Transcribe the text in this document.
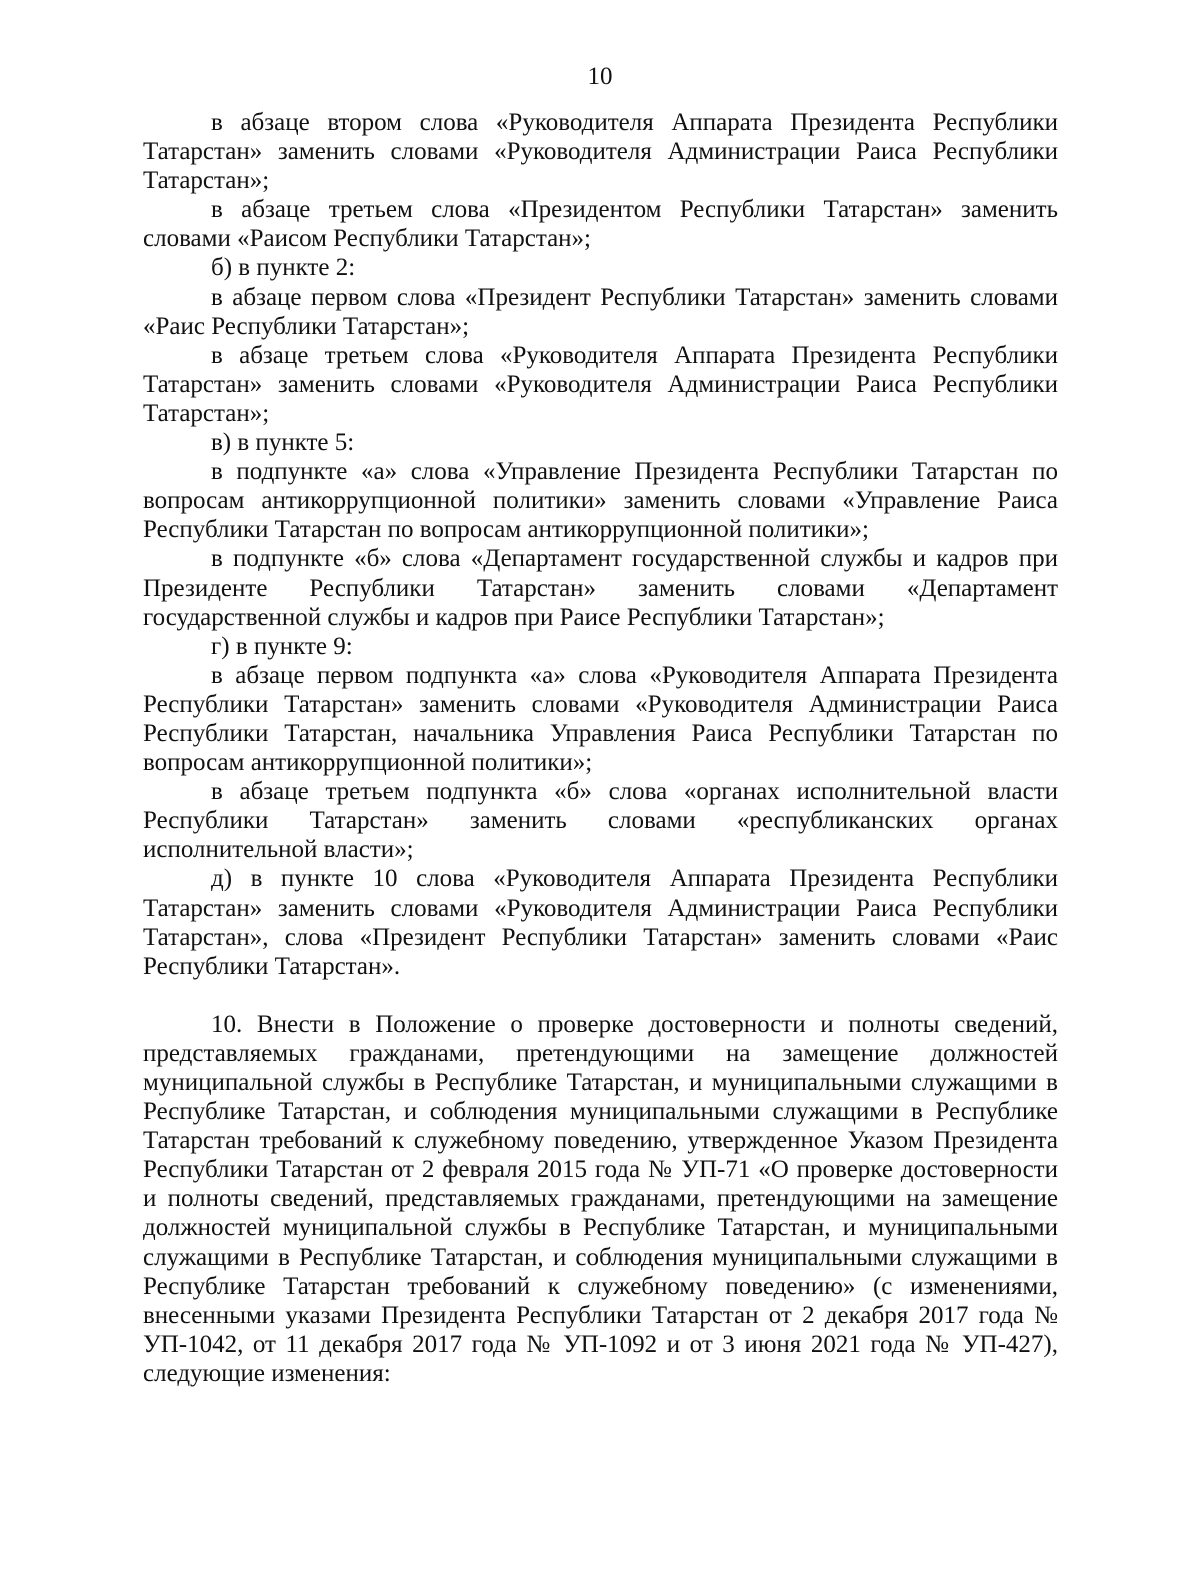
10

в абзаце втором слова «Руководителя Аппарата Президента Республики Татарстан» заменить словами «Руководителя Администрации Раиса Республики Татарстан»;

в абзаце третьем слова «Президентом Республики Татарстан» заменить словами «Раисом Республики Татарстан»;

б) в пункте 2:

в абзаце первом слова «Президент Республики Татарстан» заменить словами «Раис Республики Татарстан»;

в абзаце третьем слова «Руководителя Аппарата Президента Республики Татарстан» заменить словами «Руководителя Администрации Раиса Республики Татарстан»;

в) в пункте 5:

в подпункте «а» слова «Управление Президента Республики Татарстан по вопросам антикоррупционной политики» заменить словами «Управление Раиса Республики Татарстан по вопросам антикоррупционной политики»;

в подпункте «б» слова «Департамент государственной службы и кадров при Президенте Республики Татарстан» заменить словами «Департамент государственной службы и кадров при Раисе Республики Татарстан»;

г) в пункте 9:

в абзаце первом подпункта «а» слова «Руководителя Аппарата Президента Республики Татарстан» заменить словами «Руководителя Администрации Раиса Республики Татарстан, начальника Управления Раиса Республики Татарстан по вопросам антикоррупционной политики»;

в абзаце третьем подпункта «б» слова «органах исполнительной власти Республики Татарстан» заменить словами «республиканских органах исполнительной власти»;

д) в пункте 10 слова «Руководителя Аппарата Президента Республики Татарстан» заменить словами «Руководителя Администрации Раиса Республики Татарстан», слова «Президент Республики Татарстан» заменить словами «Раис Республики Татарстан».

10. Внести в Положение о проверке достоверности и полноты сведений, представляемых гражданами, претендующими на замещение должностей муниципальной службы в Республике Татарстан, и муниципальными служащими в Республике Татарстан, и соблюдения муниципальными служащими в Республике Татарстан требований к служебному поведению, утвержденное Указом Президента Республики Татарстан от 2 февраля 2015 года № УП-71 «О проверке достоверности и полноты сведений, представляемых гражданами, претендующими на замещение должностей муниципальной службы в Республике Татарстан, и муниципальными служащими в Республике Татарстан, и соблюдения муниципальными служащими в Республике Татарстан требований к служебному поведению» (с изменениями, внесенными указами Президента Республики Татарстан от 2 декабря 2017 года № УП-1042, от 11 декабря 2017 года № УП-1092 и от 3 июня 2021 года № УП-427), следующие изменения:
